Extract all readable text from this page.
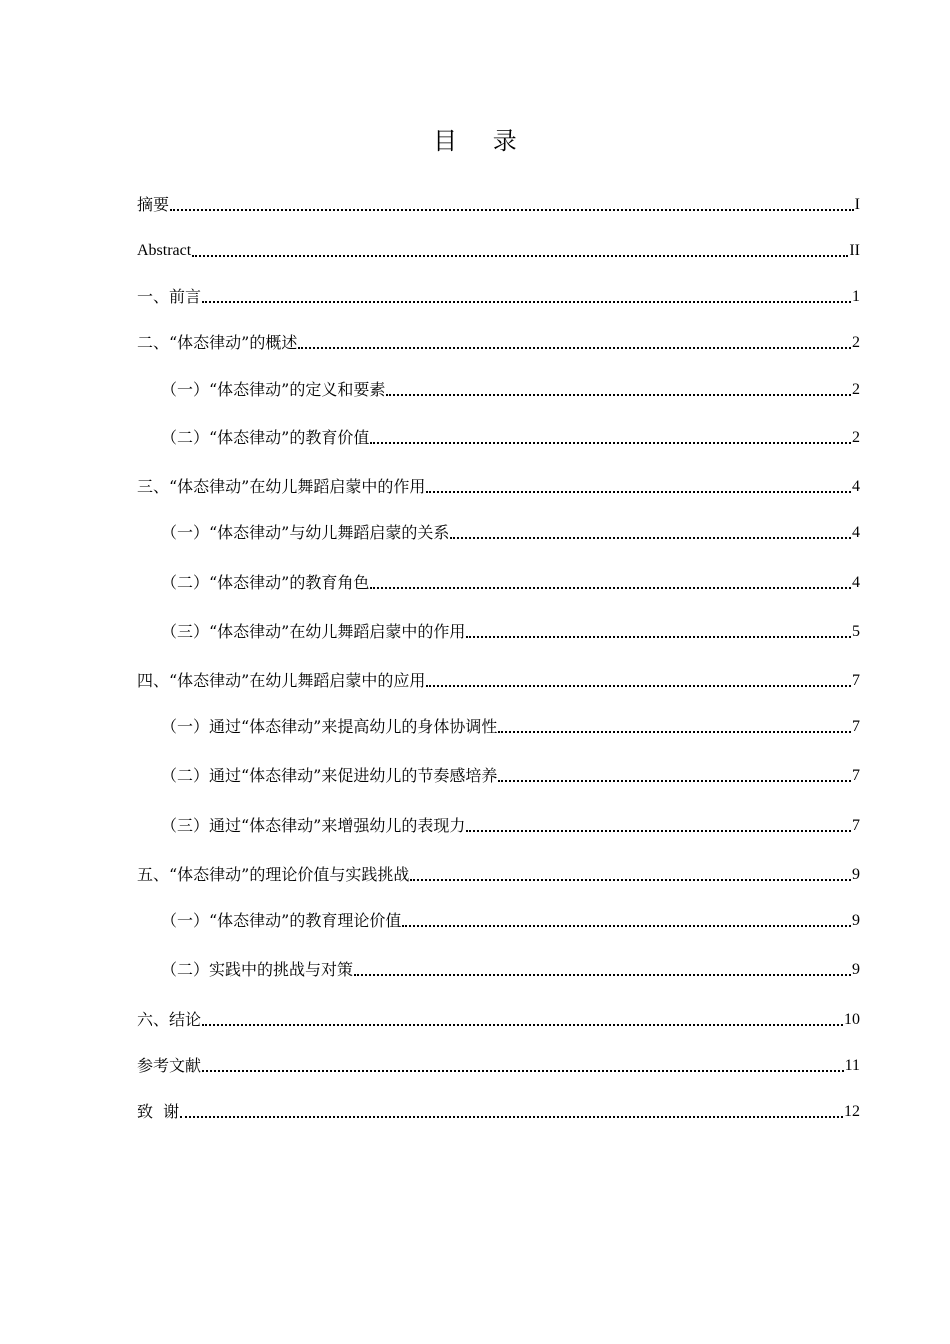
目 录
摘要	I
Abstract	II
一、前言	1
二、“体态律动”的概述	2
（一）“体态律动”的定义和要素	2
（二）“体态律动”的教育价值	2
三、“体态律动”在幼儿舞蹈启蒙中的作用	4
（一）“体态律动”与幼儿舞蹈启蒙的关系	4
（二）“体态律动”的教育角色	4
（三）“体态律动”在幼儿舞蹈启蒙中的作用	5
四、“体态律动”在幼儿舞蹈启蒙中的应用	7
（一）通过“体态律动”来提高幼儿的身体协调性	7
（二）通过“体态律动”来促进幼儿的节奏感培养	7
（三）通过“体态律动”来增强幼儿的表现力	7
五、“体态律动”的理论价值与实践挑战	9
（一）“体态律动”的教育理论价值	9
（二）实践中的挑战与对策	9
六、结论	10
参考文献	11
致  谢	12
